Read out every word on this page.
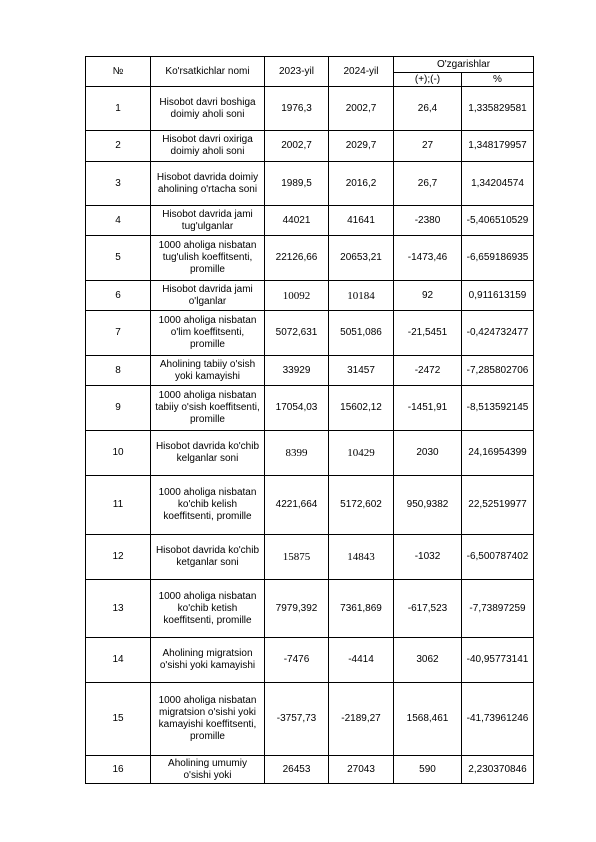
№	Ko'rsatkichlar nomi	2023-yil	2024-yil	O'zgarishlar	
				(+);(-)	%
1	Hisobot davri boshiga doimiy aholi soni	1976,3	2002,7	26,4	1,335829581
2	Hisobot davri oxiriga doimiy aholi soni	2002,7	2029,7	27	1,348179957
3	Hisobot davrida doimiy aholining o'rtacha soni	1989,5	2016,2	26,7	1,34204574
4	Hisobot davrida jami tug'ulganlar	44021	41641	-2380	-5,406510529
5	1000 aholiga nisbatan tug'ulish koeffitsenti, promille	22126,66	20653,21	-1473,46	-6,659186935
6	Hisobot davrida jami o'lganlar	10092	10184	92	0,911613159
7	1000 aholiga nisbatan o'lim koeffitsenti, promille	5072,631	5051,086	-21,5451	-0,424732477
8	Aholining tabiiy o'sish yoki kamayishi	33929	31457	-2472	-7,285802706
9	1000 aholiga nisbatan tabiiy o'sish koeffitsenti, promille	17054,03	15602,12	-1451,91	-8,513592145
10	Hisobot davrida ko'chib kelganlar soni	8399	10429	2030	24,16954399
11	1000 aholiga nisbatan ko'chib kelish koeffitsenti, promille	4221,664	5172,602	950,9382	22,52519977
12	Hisobot davrida ko'chib ketganlar soni	15875	14843	-1032	-6,500787402
13	1000 aholiga nisbatan ko'chib ketish koeffitsenti, promille	7979,392	7361,869	-617,523	-7,73897259
14	Aholining migratsion o'sishi yoki kamayishi	-7476	-4414	3062	-40,95773141
15	1000 aholiga nisbatan migratsion o'sishi yoki kamayishi koeffitsenti, promille	-3757,73	-2189,27	1568,461	-41,73961246
16	Aholining umumiy o'sishi yoki	26453	27043	590	2,230370846
